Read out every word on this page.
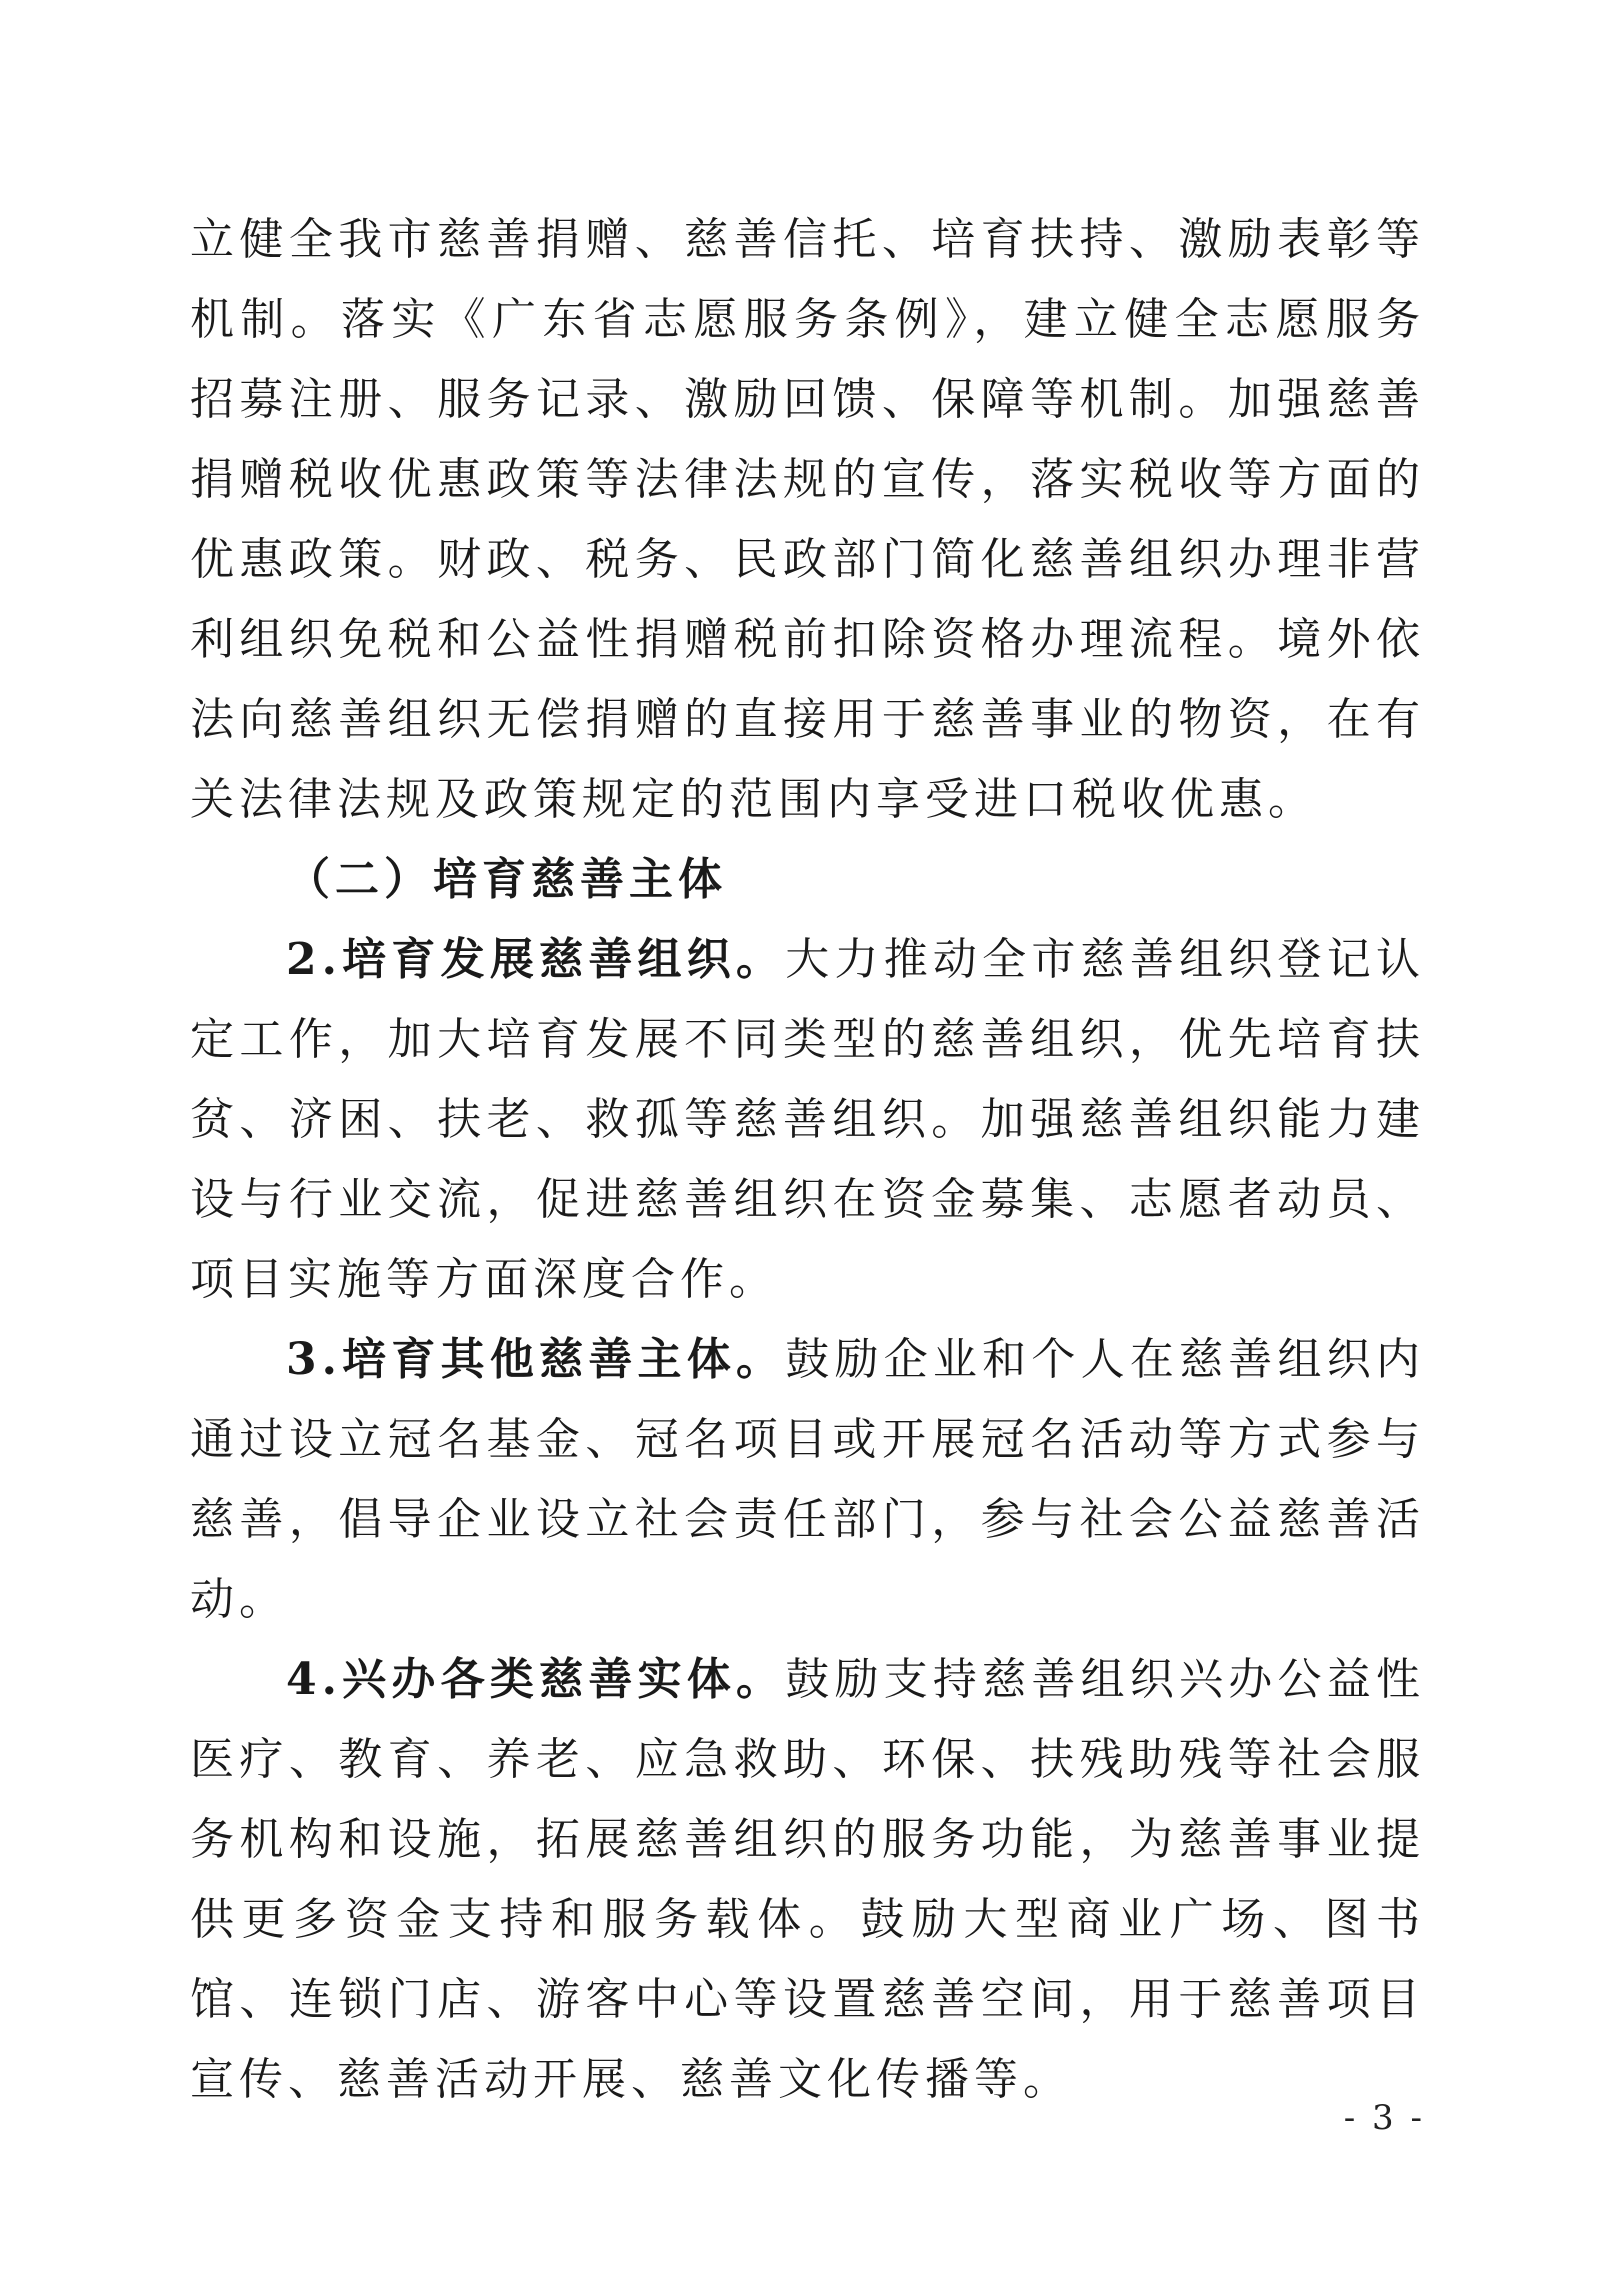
立健全我市慈善捐赠、慈善信托、培育扶持、激励表彰等机制。落实《广东省志愿服务条例》，建立健全志愿服务招募注册、服务记录、激励回馈、保障等机制。加强慈善捐赠税收优惠政策等法律法规的宣传，落实税收等方面的优惠政策。财政、税务、民政部门简化慈善组织办理非营利组织免税和公益性捐赠税前扣除资格办理流程。境外依法向慈善组织无偿捐赠的直接用于慈善事业的物资，在有关法律法规及政策规定的范围内享受进口税收优惠。

（二）培育慈善主体

2.培育发展慈善组织。大力推动全市慈善组织登记认定工作，加大培育发展不同类型的慈善组织，优先培育扶贫、济困、扶老、救孤等慈善组织。加强慈善组织能力建设与行业交流，促进慈善组织在资金募集、志愿者动员、项目实施等方面深度合作。

3.培育其他慈善主体。鼓励企业和个人在慈善组织内通过设立冠名基金、冠名项目或开展冠名活动等方式参与慈善，倡导企业设立社会责任部门，参与社会公益慈善活动。

4.兴办各类慈善实体。鼓励支持慈善组织兴办公益性医疗、教育、养老、应急救助、环保、扶残助残等社会服务机构和设施，拓展慈善组织的服务功能，为慈善事业提供更多资金支持和服务载体。鼓励大型商业广场、图书馆、连锁门店、游客中心等设置慈善空间，用于慈善项目宣传、慈善活动开展、慈善文化传播等。

- 3 -
